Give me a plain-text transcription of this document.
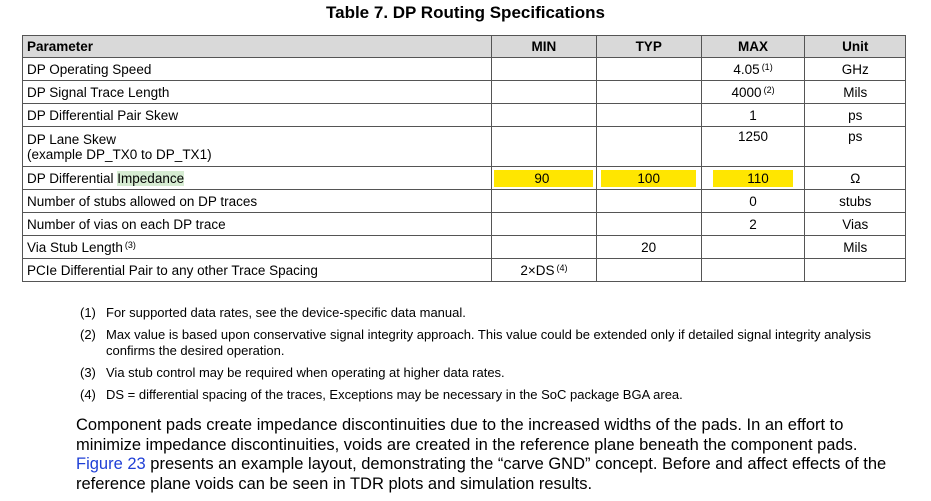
Table 7. DP Routing Specifications
Parameter	MIN	TYP	MAX	Unit
DP Operating Speed			4.05 $^{(1)}$	GHz
DP Signal Trace Length			4000 $^{(2)}$	Mils
DP Differential Pair Skew			1	ps

DP Lane Skew
(example DP_TX0 to DP_TX1)			1250	ps
DP Differential Impedance	90	100	110	Ω
Number of stubs allowed on DP traces			0	stubs
Number of vias on each DP trace			2	Vias
Via Stub Length $^{(3)}$		20		Mils
PCIe Differential Pair to any other Trace Spacing	2×DS $^{(4)}$			
(1) For supported data rates, see the device-specific data manual.
(2) Max value is based upon conservative signal integrity approach. This value could be extended only if detailed signal integrity analysis confirms the desired operation.
(3) Via stub control may be required when operating at higher data rates.
(4) DS = differential spacing of the traces, Exceptions may be necessary in the SoC package BGA area.
Component pads create impedance discontinuities due to the increased widths of the pads. In an effort to minimize impedance discontinuities, voids are created in the reference plane beneath the component pads. Figure 23 presents an example layout, demonstrating the “carve GND” concept. Before and affect effects of the reference plane voids can be seen in TDR plots and simulation results.
